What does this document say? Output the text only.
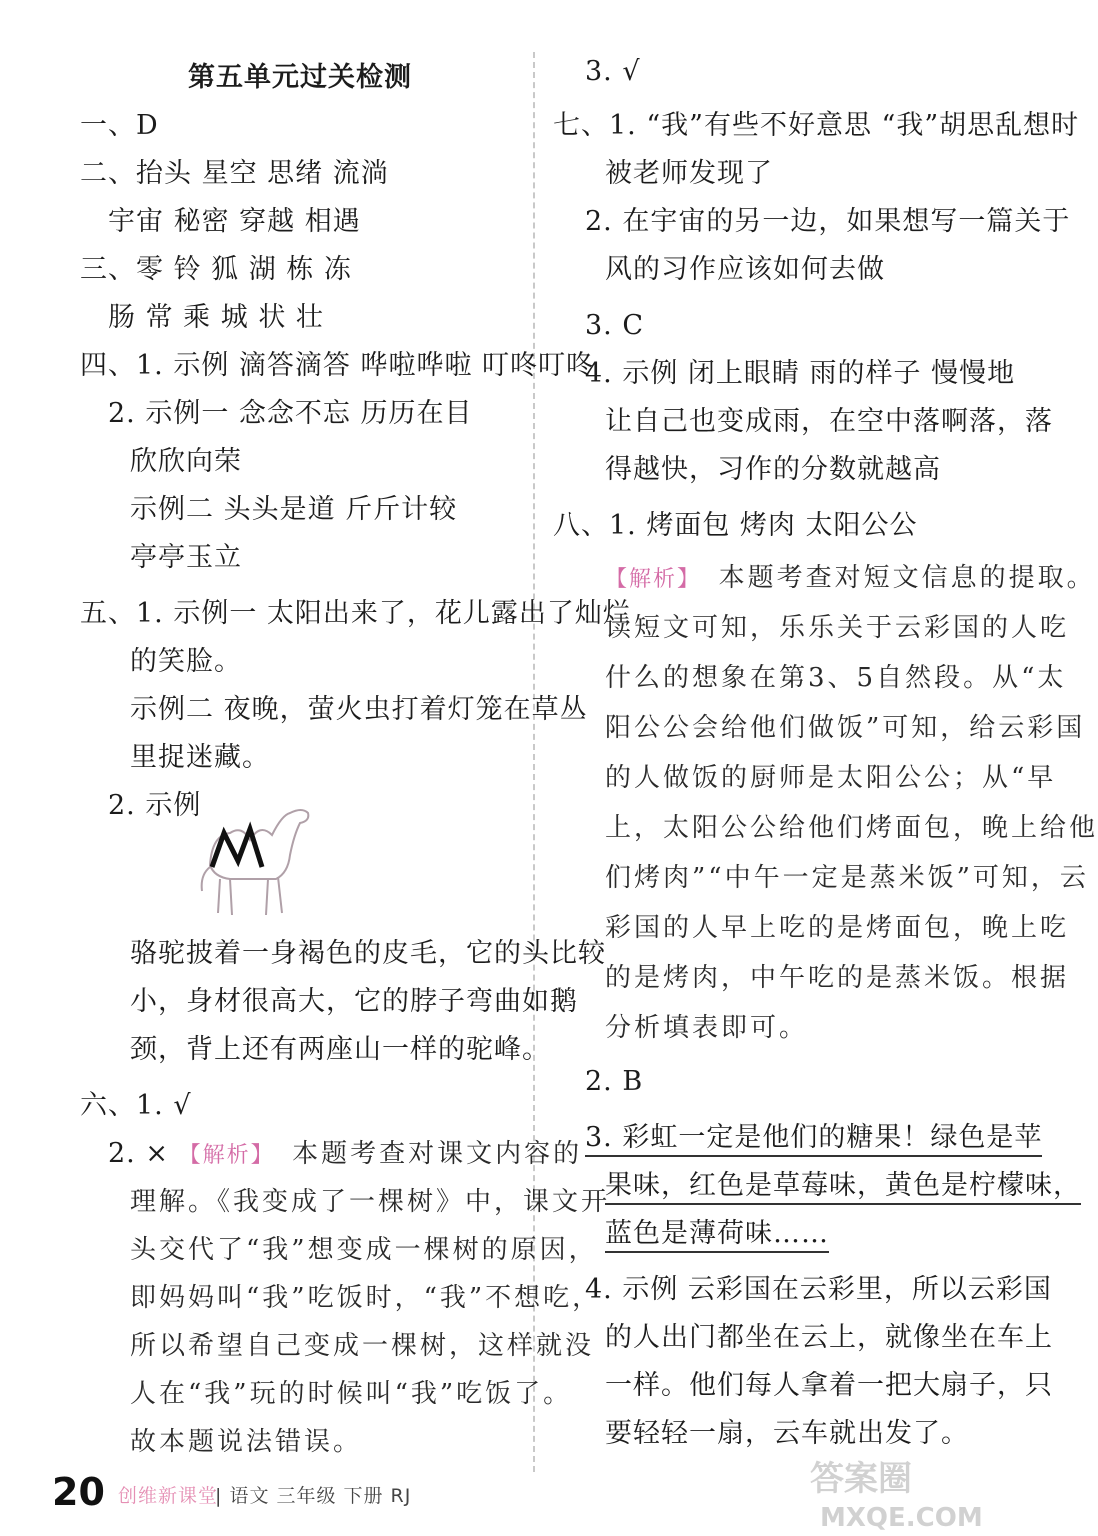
第五单元过关检测
一、D
二、抬头 星空 思绪 流淌
宇宙 秘密 穿越 相遇
三、零 铃 狐 湖 栋 冻
肠 常 乘 城 状 壮
四、1. 示例 滴答滴答 哗啦哗啦 叮咚叮咚
2. 示例一 念念不忘 历历在目
欣欣向荣
示例二 头头是道 斤斤计较
亭亭玉立
五、1. 示例一 太阳出来了，花儿露出了灿烂
的笑脸。
示例二 夜晚，萤火虫打着灯笼在草丛
里捉迷藏。
2. 示例
骆驼披着一身褐色的皮毛，它的头比较
小，身材很高大，它的脖子弯曲如鹅
颈，背上还有两座山一样的驼峰。
六、1. √
2. × 【解析】 本题考查对课文内容的
理解。《我变成了一棵树》中，课文开
头交代了“我”想变成一棵树的原因，
即妈妈叫“我”吃饭时，“我”不想吃，
所以希望自己变成一棵树，这样就没
人在“我”玩的时候叫“我”吃饭了。
故本题说法错误。
3. √
七、1. “我”有些不好意思 “我”胡思乱想时
被老师发现了
2. 在宇宙的另一边，如果想写一篇关于
风的习作应该如何去做
3. C
4. 示例 闭上眼睛 雨的样子 慢慢地
让自己也变成雨，在空中落啊落，落
得越快，习作的分数就越高
八、1. 烤面包 烤肉 太阳公公
【解析】 本题考查对短文信息的提取。
读短文可知，乐乐关于云彩国的人吃
什么的想象在第3、5自然段。从“太
阳公公会给他们做饭”可知，给云彩国
的人做饭的厨师是太阳公公；从“早
上，太阳公公给他们烤面包，晚上给他
们烤肉”“中午一定是蒸米饭”可知，云
彩国的人早上吃的是烤面包，晚上吃
的是烤肉，中午吃的是蒸米饭。根据
分析填表即可。
2. B
3. 彩虹一定是他们的糖果！绿色是苹
果味，红色是草莓味，黄色是柠檬味，
蓝色是薄荷味……
4. 示例 云彩国在云彩里，所以云彩国
的人出门都坐在云上，就像坐在车上
一样。他们每人拿着一把大扇子，只
要轻轻一扇，云车就出发了。
20 创维新课堂
| 语文 三年级 下册 RJ	答案圈
MXQE.COM
